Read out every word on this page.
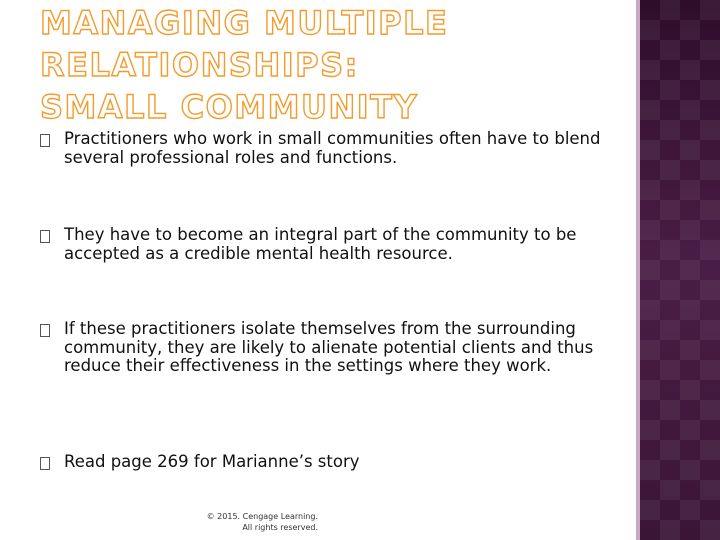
MANAGING MULTIPLE RELATIONSHIPS: SMALL COMMUNITY
Practitioners who work in small communities often have to blend several professional roles and functions.
They have to become an integral part of the community to be accepted as a credible mental health resource.
If these practitioners isolate themselves from the surrounding community, they are likely to alienate potential clients and thus reduce their effectiveness in the settings where they work.
Read page 269 for Marianne’s story
© 2015. Cengage Learning.
All rights reserved.
